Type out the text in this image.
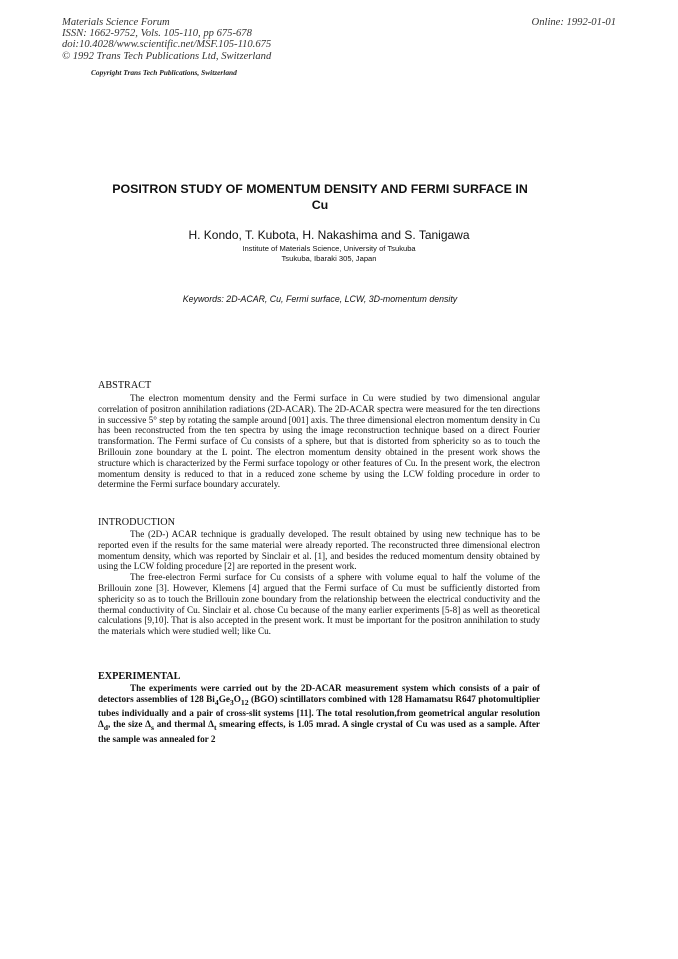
Materials Science Forum
ISSN: 1662-9752, Vols. 105-110, pp 675-678
doi:10.4028/www.scientific.net/MSF.105-110.675
© 1992 Trans Tech Publications Ltd, Switzerland
Online: 1992-01-01
Copyright Trans Tech Publications, Switzerland
POSITRON STUDY OF MOMENTUM DENSITY AND FERMI SURFACE IN
Cu
H. Kondo, T. Kubota, H. Nakashima and S. Tanigawa
Institute of Materials Science, University of Tsukuba
Tsukuba, Ibaraki 305, Japan
Keywords: 2D-ACAR, Cu, Fermi surface, LCW, 3D-momentum density
ABSTRACT

The electron momentum density and the Fermi surface in Cu were studied by two dimensional angular correlation of positron annihilation radiations (2D-ACAR). The 2D-ACAR spectra were measured for the ten directions in successive 5° step by rotating the sample around [001] axis. The three dimensional electron momentum density in Cu has been reconstructed from the ten spectra by using the image reconstruction technique based on a direct Fourier transformation. The Fermi surface of Cu consists of a sphere, but that is distorted from sphericity so as to touch the Brillouin zone boundary at the L point. The electron momentum density obtained in the present work shows the structure which is characterized by the Fermi surface topology or other features of Cu. In the present work, the electron momentum density is reduced to that in a reduced zone scheme by using the LCW folding procedure in order to determine the Fermi surface boundary accurately.

INTRODUCTION

The (2D-) ACAR technique is gradually developed. The result obtained by using new technique has to be reported even if the results for the same material were already reported. The reconstructed three dimensional electron momentum density, which was reported by Sinclair et al. [1], and besides the reduced momentum density obtained by using the LCW folding procedure [2] are reported in the present work.

The free-electron Fermi surface for Cu consists of a sphere with volume equal to half the volume of the Brillouin zone [3]. However, Klemens [4] argued that the Fermi surface of Cu must be sufficiently distorted from sphericity so as to touch the Brillouin zone boundary from the relationship between the electrical conductivity and the thermal conductivity of Cu. Sinclair et al. chose Cu because of the many earlier experiments [5-8] as well as theoretical calculations [9,10]. That is also accepted in the present work. It must be important for the positron annihilation to study the materials which were studied well; like Cu.

EXPERIMENTAL

The experiments were carried out by the 2D-ACAR measurement system which consists of a pair of detectors assemblies of 128 $Bi_4Ge_3O_{12}$ (BGO) scintillators combined with 128 Hamamatsu R647 photomultiplier tubes individually and a pair of cross-slit systems [11]. The total resolution,from geometrical angular resolution $\Delta_d$, the size $\Delta_s$ and thermal $\Delta_t$ smearing effects, is 1.05 mrad. A single crystal of Cu was used as a sample. After the sample was annealed for 2
